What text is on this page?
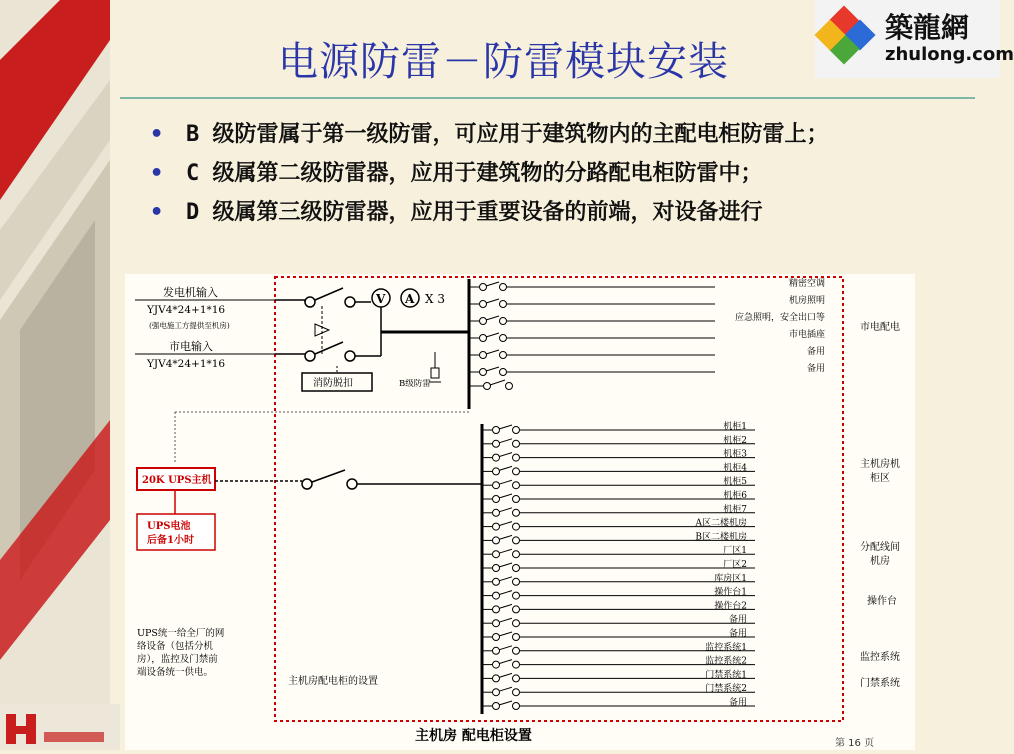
电源防雷－防雷模块安装
築龍網
zhulong.com
• B 级防雷属于第一级防雷，可应用于建筑物内的主配电柜防雷上；
• C 级属第二级防雷器，应用于建筑物的分路配电柜防雷中；
• D 级属第三级防雷器，应用于重要设备的前端，对设备进行
发电机输入
YJV4*24+1*16
(强电施工方提供至机房)
市电输入
YJV4*24+1*16
V A X 3
消防脱扣	B级防雷
精密空调
机房照明
应急照明，安全出口等
市电插座
备用
备用
20K UPS主机
UPS电池
后备1小时
机柜1
机柜2
机柜3
机柜4
机柜5
机柜6
机柜7
A区二楼机房
B区二楼机房
厂区1
厂区2
库房区1
操作台1
操作台2
备用
备用
监控系统1
监控系统2
门禁系统1
门禁系统2
备用
市电配电
主机房机
柜区
分配线间
机房
操作台
监控系统
门禁系统
UPS统一给全厂的网
络设备（包括分机
房），监控及门禁前
端设备统一供电。
主机房配电柜的设置
主机房 配电柜设置	第 16 页
